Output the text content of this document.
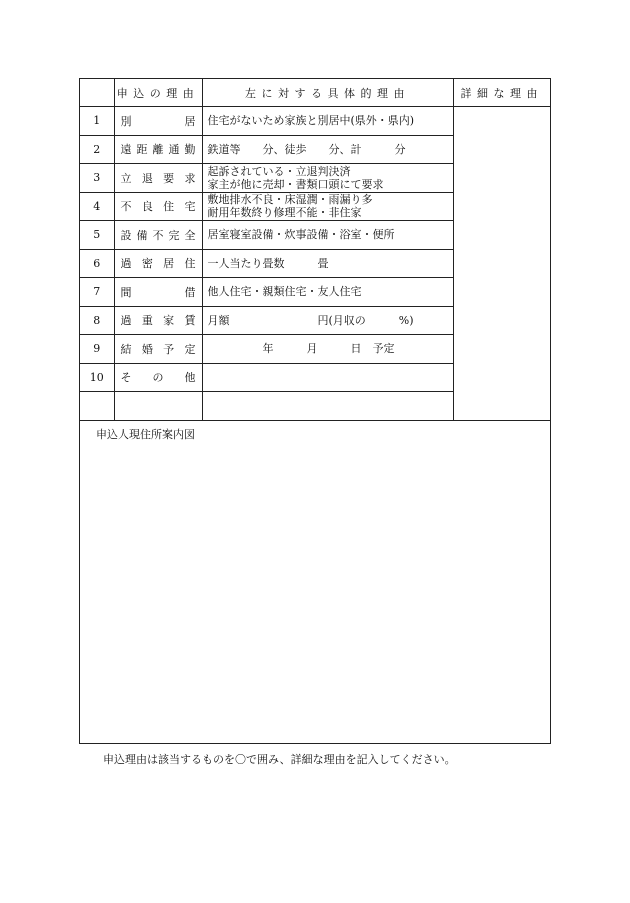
	申込の理由	左に対する具体的理由	詳細な理由
1	別 居	住宅がないため家族と別居中(県外・県内)	
2	遠 距 離 通 勤	鉄道等　　分、徒歩　　分、計　　　分	
3	立 退 要 求	起訴されている・立退判決済
家主が他に売却・書類口頭にて要求	
4	不 良 住 宅	敷地排水不良・床湿潤・雨漏り多
耐用年数終り修理不能・非住家	
5	設 備 不 完 全	居室寝室設備・炊事設備・浴室・便所	
6	過 密 居 住	一人当たり畳数　　　畳	
7	間 借	他人住宅・親類住宅・友人住宅	
8	過 重 家 賃	月額　　　　　　　　円(月収の　　　%)	
9	結 婚 予 定	　　　　　年　　　月　　　日　予定	
10	そ の 他		

申込人現住所案内図
申込理由は該当するものを〇で囲み、詳細な理由を記入してください。
